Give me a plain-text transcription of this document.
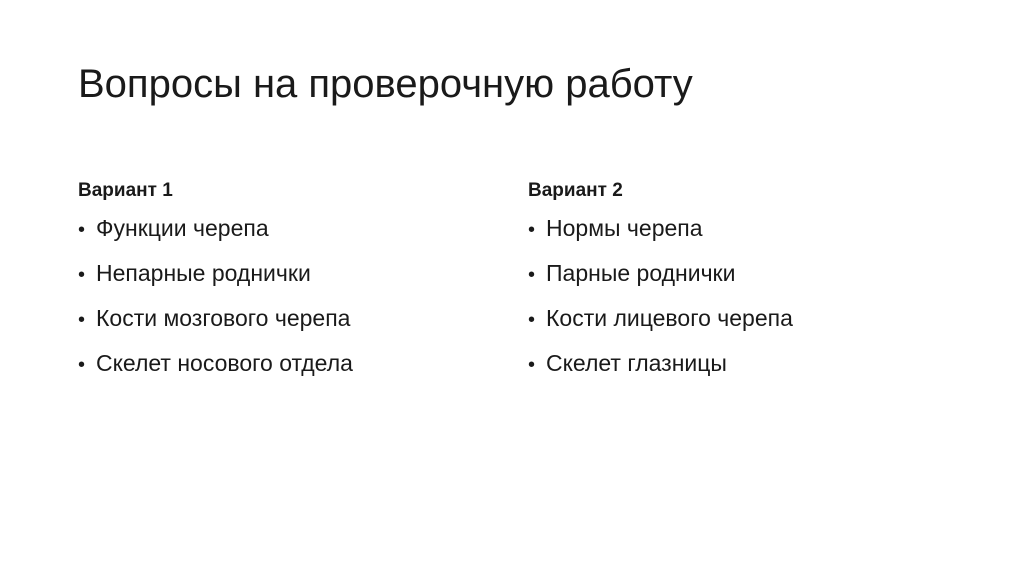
Вопросы на проверочную работу
Вариант 1
• Функции черепа
• Непарные роднички
• Кости мозгового черепа
• Скелет носового отдела
Вариант 2
• Нормы черепа
• Парные роднички
• Кости лицевого черепа
• Скелет глазницы
